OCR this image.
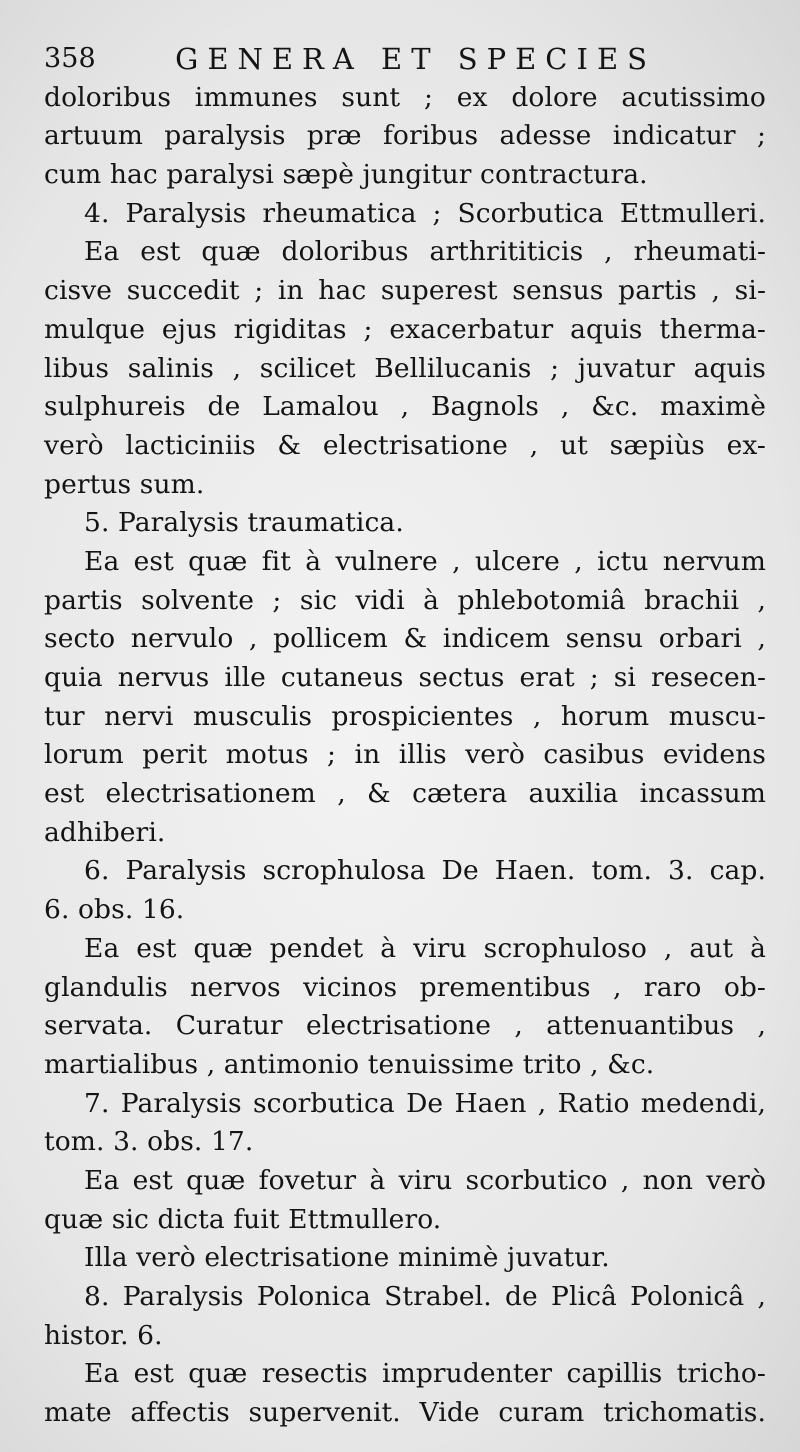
358	GENERA ET SPECIES
doloribus immunes sunt ; ex dolore acutissimo
artuum paralysis præ foribus adesse indicatur ;
cum hac paralysi sæpè jungitur contractura.
4. Paralysis rheumatica ; Scorbutica Ettmulleri.
Ea est quæ doloribus arthrititicis , rheumati-
cisve succedit ; in hac superest sensus partis , si-
mulque ejus rigiditas ; exacerbatur aquis therma-
libus salinis , scilicet Bellilucanis ; juvatur aquis
sulphureis de Lamalou , Bagnols , &c. maximè
verò lacticiniis & electrisatione , ut sæpiùs ex-
pertus sum.
5. Paralysis traumatica.
Ea est quæ fit à vulnere , ulcere , ictu nervum
partis solvente ; sic vidi à phlebotomiâ brachii ,
secto nervulo , pollicem & indicem sensu orbari ,
quia nervus ille cutaneus sectus erat ; si resecen-
tur nervi musculis prospicientes , horum muscu-
lorum perit motus ; in illis verò casibus evidens
est electrisationem , & cætera auxilia incassum
adhiberi.
6. Paralysis scrophulosa De Haen. tom. 3. cap.
6. obs. 16.
Ea est quæ pendet à viru scrophuloso , aut à
glandulis nervos vicinos prementibus , raro ob-
servata. Curatur electrisatione , attenuantibus ,
martialibus , antimonio tenuissime trito , &c.
7. Paralysis scorbutica De Haen , Ratio medendi,
tom. 3. obs. 17.
Ea est quæ fovetur à viru scorbutico , non verò
quæ sic dicta fuit Ettmullero.
Illa verò electrisatione minimè juvatur.
8. Paralysis Polonica Strabel. de Plicâ Polonicâ ,
histor. 6.
Ea est quæ resectis imprudenter capillis tricho-
mate affectis supervenit. Vide curam trichomatis.
